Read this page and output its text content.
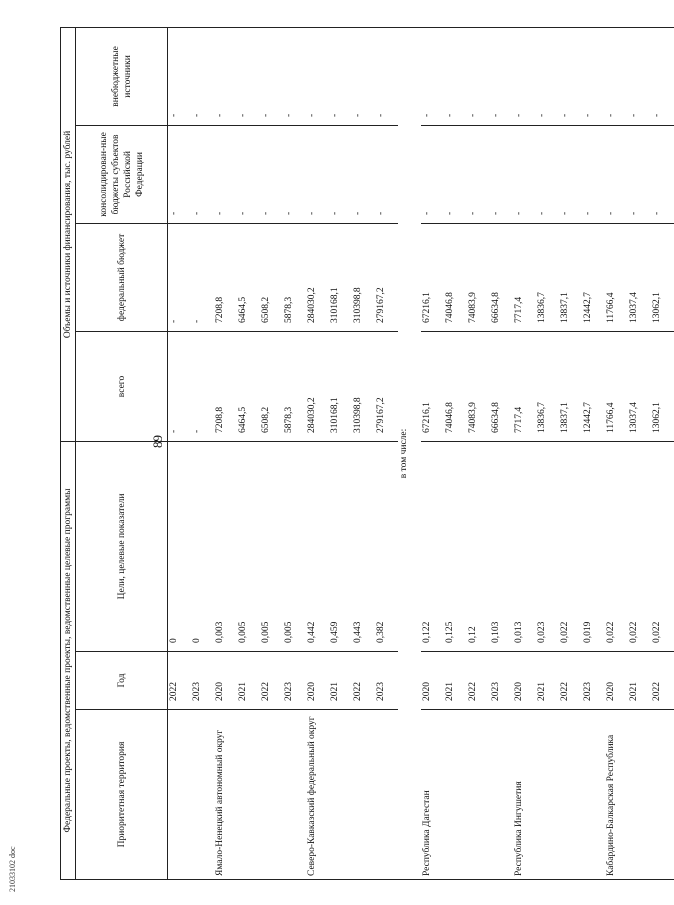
89
21033102 doc
Федеральные проекты, ведомственные проекты, ведомственные целевые программы			Объемы и источники финансирования, тыс. рублей			
Приоритетная территория	Год	Цели, целевые показатели	всего	федеральный бюджет	консолидирован-ные бюджеты субъектов Российской Федерации	внебюджетные источники
	2022	0	-	-	-	-
	2023	0	-	-	-	-
Ямало-Ненецкий автономный округ	2020	0,003	7208,8	7208,8	-	-
	2021	0,005	6464,5	6464,5	-	-
	2022	0,005	6508,2	6508,2	-	-
	2023	0,005	5878,3	5878,3	-	-
Северо-Кавказский федеральный округ	2020	0,442	284030,2	284030,2	-	-
	2021	0,459	310168,1	310168,1	-	-
	2022	0,443	310398,8	310398,8	-	-
	2023	0,382	279167,2	279167,2	-	-
в том числе:						
Республика Дагестан	2020	0,122	67216,1	67216,1	-	-
	2021	0,125	74046,8	74046,8	-	-
	2022	0,12	74083,9	74083,9	-	-
	2023	0,103	66634,8	66634,8	-	-
Республика Ингушетия	2020	0,013	7717,4	7717,4	-	-
	2021	0,023	13836,7	13836,7	-	-
	2022	0,022	13837,1	13837,1	-	-
	2023	0,019	12442,7	12442,7	-	-
Кабардино-Балкарская Республика	2020	0,022	11766,4	11766,4	-	-
	2021	0,022	13037,4	13037,4	-	-
	2022	0,022	13062,1	13062,1	-	-
